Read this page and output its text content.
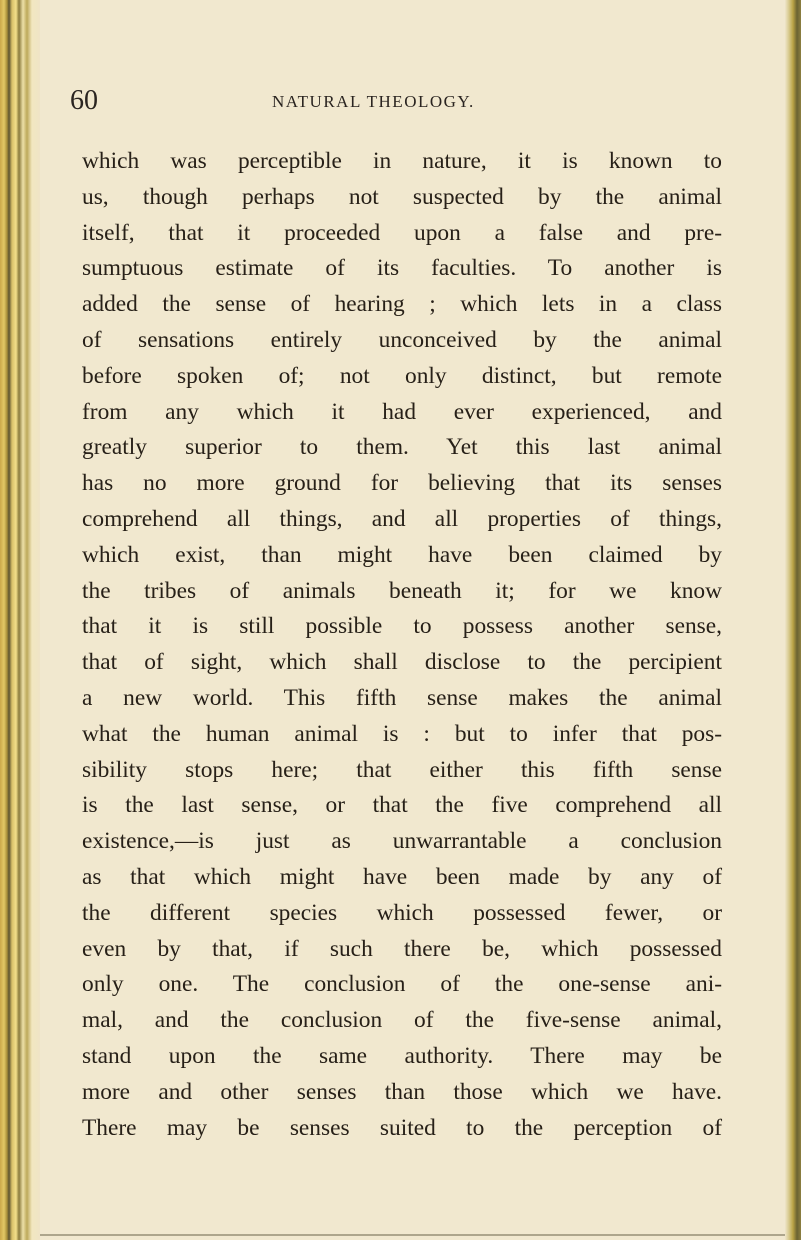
60	NATURAL THEOLOGY.
which was perceptible in nature, it is known to
us, though perhaps not suspected by the animal
itself, that it proceeded upon a false and pre-
sumptuous estimate of its faculties. To another is
added the sense of hearing ; which lets in a class
of sensations entirely unconceived by the animal
before spoken of; not only distinct, but remote
from any which it had ever experienced, and
greatly superior to them. Yet this last animal
has no more ground for believing that its senses
comprehend all things, and all properties of things,
which exist, than might have been claimed by
the tribes of animals beneath it; for we know
that it is still possible to possess another sense,
that of sight, which shall disclose to the percipient
a new world. This fifth sense makes the animal
what the human animal is : but to infer that pos-
sibility stops here; that either this fifth sense
is the last sense, or that the five comprehend all
existence,—is just as unwarrantable a conclusion
as that which might have been made by any of
the different species which possessed fewer, or
even by that, if such there be, which possessed
only one. The conclusion of the one-sense ani-
mal, and the conclusion of the five-sense animal,
stand upon the same authority. There may be
more and other senses than those which we have.
There may be senses suited to the perception of
